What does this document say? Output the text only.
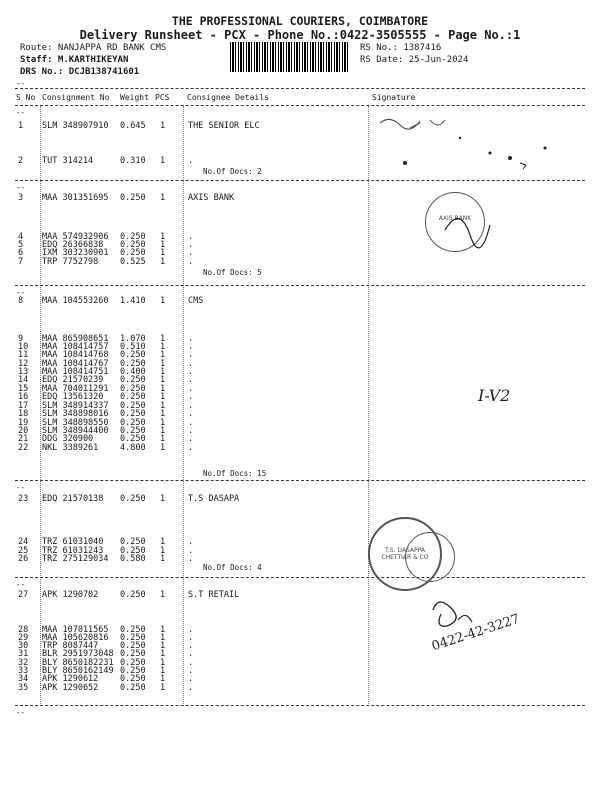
THE PROFESSIONAL COURIERS, COIMBATORE
Delivery Runsheet - PCX - Phone No.:0422-3505555 - Page No.:1
Route: NANJAPPA RD BANK CMS
Staff: M.KARTHIKEYAN
DRS No.: DCJB138741601
RS No.: 1387416
RS Date: 25-Jun-2024
--
S No Consignment No Weight PCS Consignee Details	Signature
--
--
--
--
--
--
1 SLM 348907910 0.645 1	THE SENIOR ELC
2 TUT 314214	0.310 1	.
3 MAA 301351695 0.250 1	AXIS BANK
4 MAA 574932906 0.250 1	.
5 EDQ 26366838 0.250 1	.
6 IXM 303230901 0.250 1	.
7 TRP 7752798	0.525 1	.
8 MAA 104553260 1.410 1	CMS
9 MAA 865908651 1.070 1	.
10 MAA 108414757 0.510 1	.
11 MAA 108414768 0.250 1	.
12 MAA 108414767 0.250 1	.
13 MAA 108414751 0.400 1	.
14 EDQ 21570239 0.250 1	.
15 MAA 704011291 0.250 1	.
16 EDQ 13561320 0.250 1	.
17 SLM 348914337 0.250 1	.
18 SLM 348898016 0.250 1	.
19 SLM 348898550 0.250 1	.
20 SLM 348944400 0.250 1	.
21 DDG 320900	0.250 1	.
22 NKL 3389261	4.800 1	.
23 EDQ 21570138 0.250 1	T.S DASAPA
24 TRZ 61031040 0.250 1	.
25 TRZ 61031243 0.250 1	.
26 TRZ 275129034 0.580 1	.
27 APK 1290702	0.250 1	S.T RETAIL
28 MAA 107011565 0.250 1	.
29 MAA 105620816 0.250 1	.
30 TRP 8087447	0.250 1	.
31 BLR 2951973048 0.250 1	.
32 BLY 8650182231 0.250 1	.
33 BLY 8650162149 0.250 1	.
34 APK 1290612	0.250 1	.
35 APK 1290652	0.250 1	.
No.Of Docs: 2
No.Of Docs: 5
No.Of Docs: 15
No.Of Docs: 4
AXIS BANK
I-V2
T.S. DASAPPA CHETTIAR & CO
0422-42-3227
